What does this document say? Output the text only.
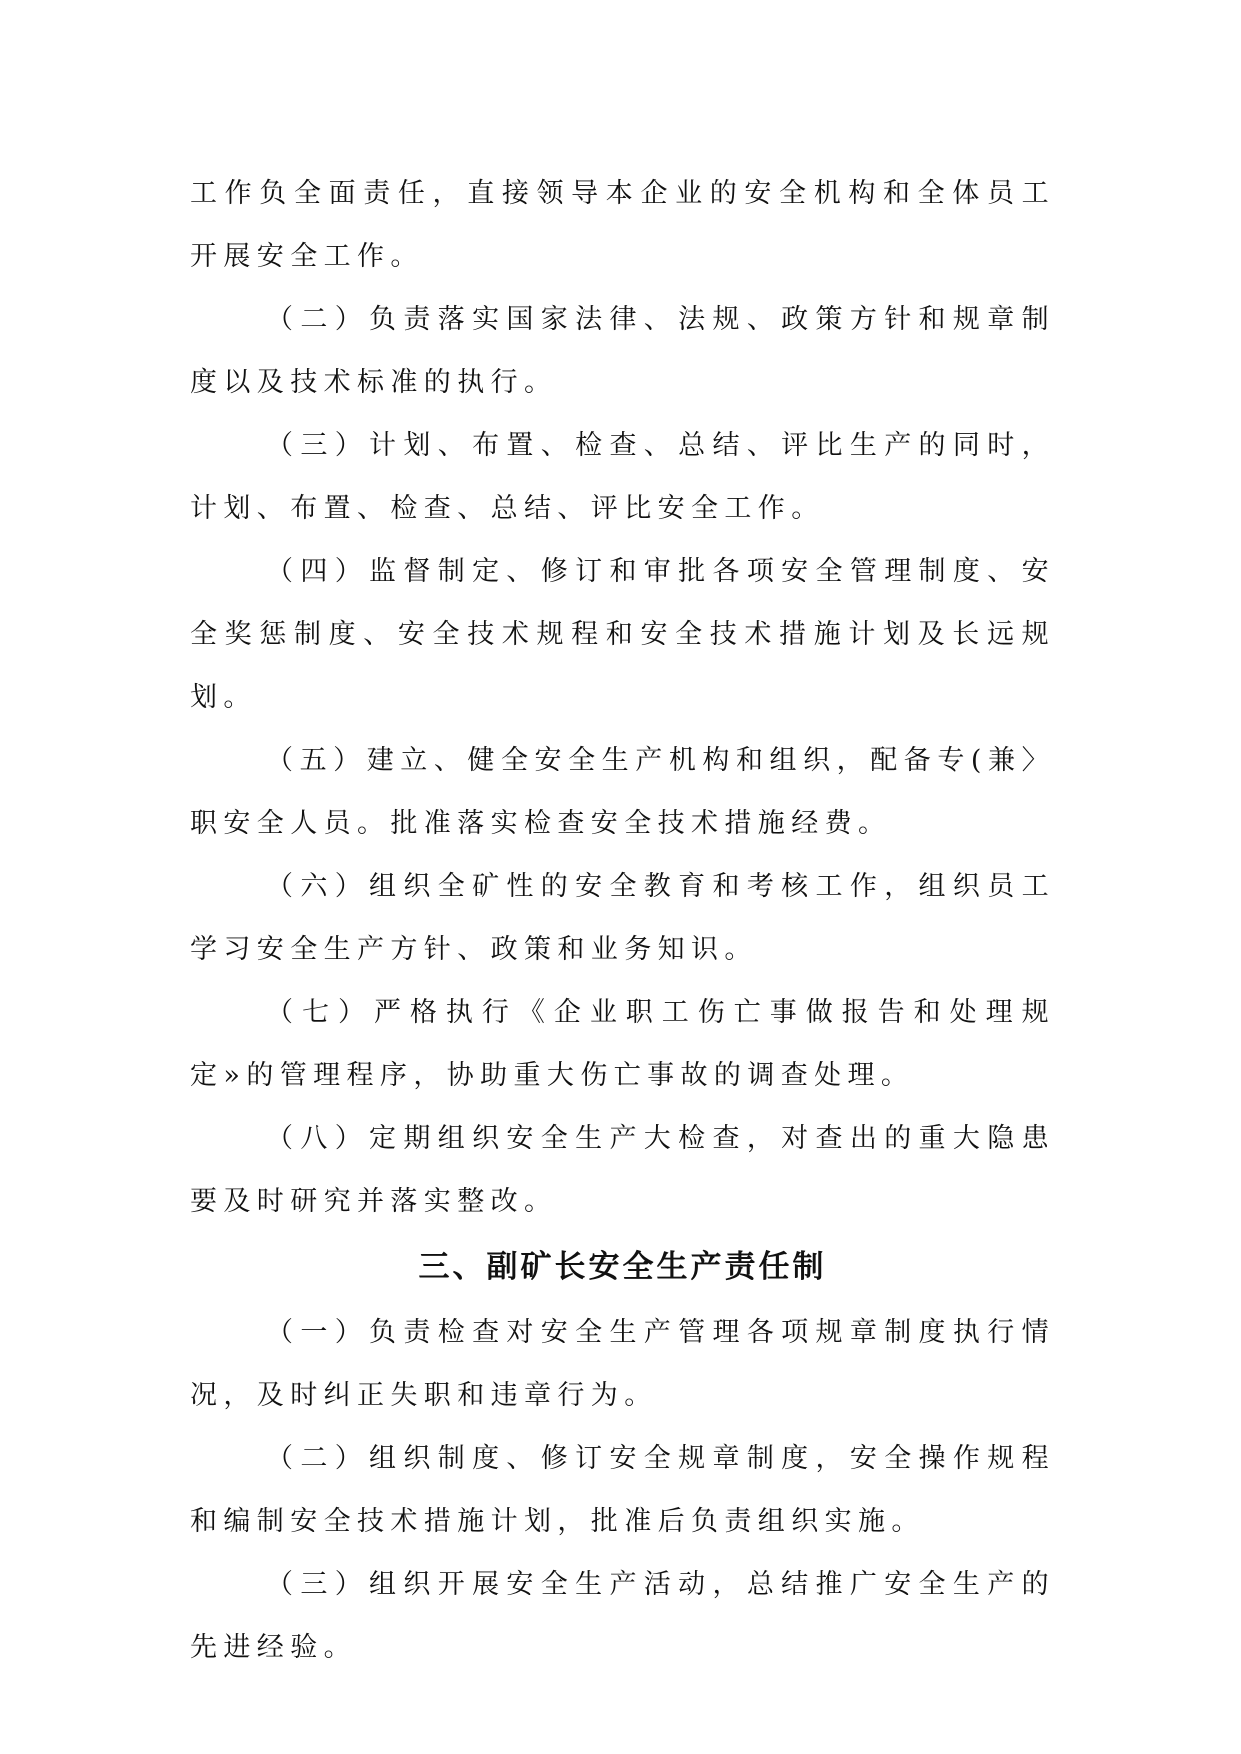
工作负全面责任，直接领导本企业的安全机构和全体员工开展安全工作。

（二）负责落实国家法律、法规、政策方针和规章制度以及技术标准的执行。

（三）计划、布置、检查、总结、评比生产的同时，计划、布置、检查、总结、评比安全工作。

（四）监督制定、修订和审批各项安全管理制度、安全奖惩制度、安全技术规程和安全技术措施计划及长远规划。

（五）建立、健全安全生产机构和组织，配备专(兼〉职安全人员。批准落实检查安全技术措施经费。

（六）组织全矿性的安全教育和考核工作，组织员工学习安全生产方针、政策和业务知识。

（七）严格执行《企业职工伤亡事做报告和处理规定»的管理程序，协助重大伤亡事故的调查处理。

（八）定期组织安全生产大检查，对查出的重大隐患要及时研究并落实整改。

三、副矿长安全生产责任制

（一）负责检查对安全生产管理各项规章制度执行情况，及时纠正失职和违章行为。

（二）组织制度、修订安全规章制度，安全操作规程和编制安全技术措施计划，批准后负责组织实施。

（三）组织开展安全生产活动，总结推广安全生产的先进经验。
